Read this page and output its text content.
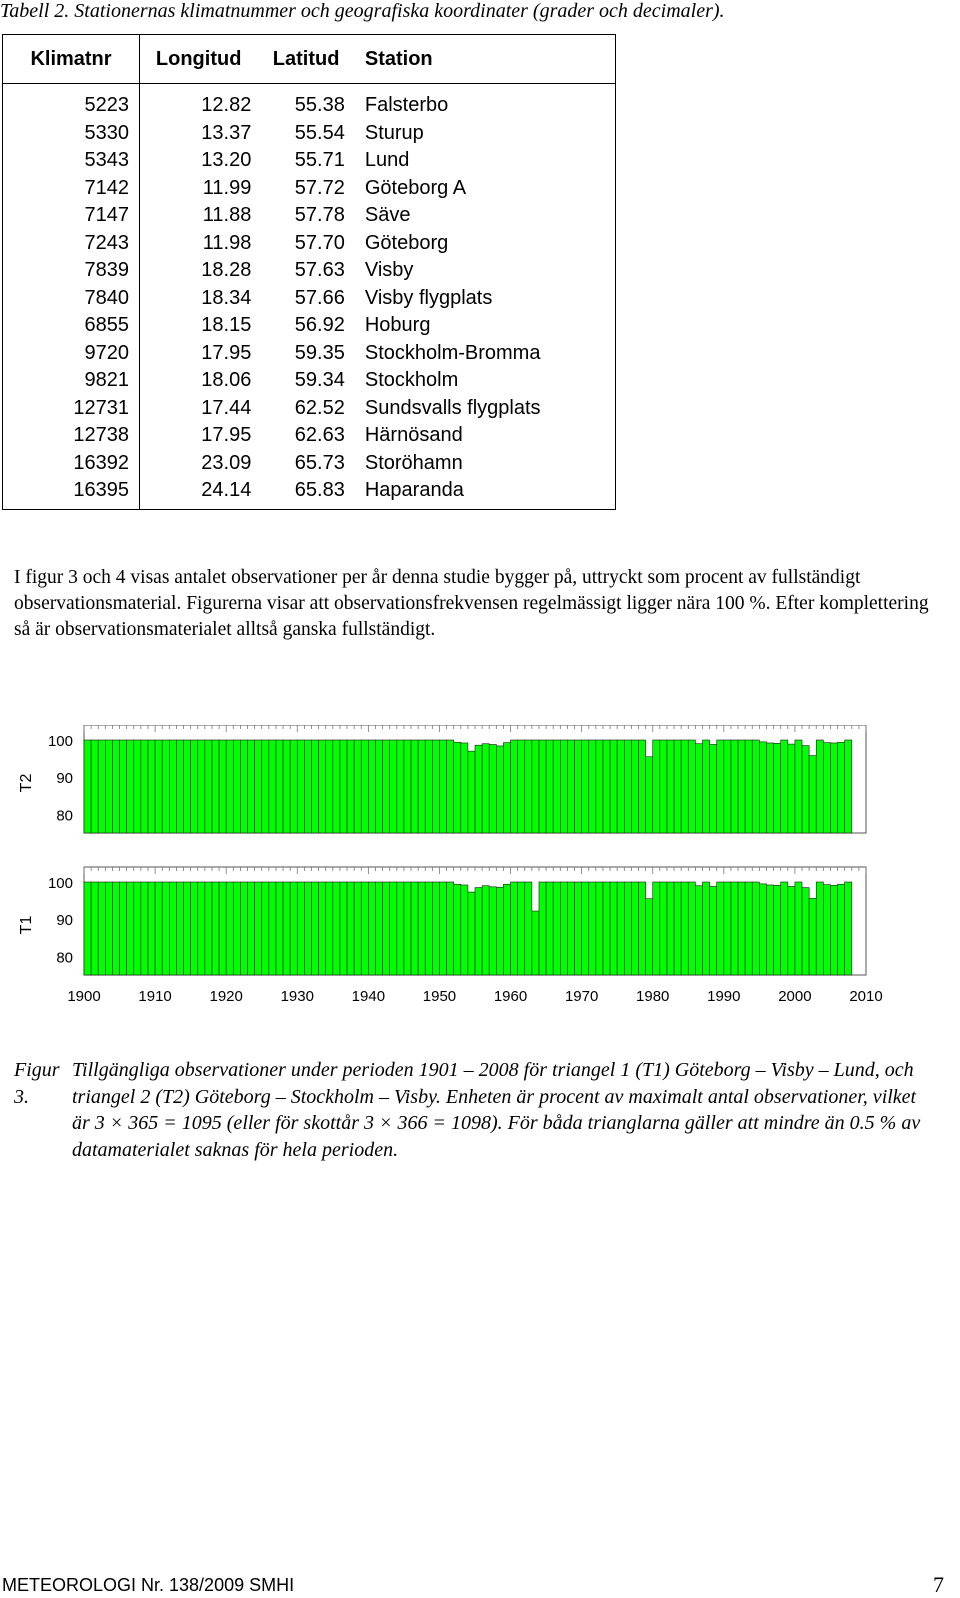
Tabell 2. Stationernas klimatnummer och geografiska koordinater (grader och decimaler).
Klimatnr	Longitud	Latitud	Station
5223	12.82	55.38	Falsterbo
5330	13.37	55.54	Sturup
5343	13.20	55.71	Lund
7142	11.99	57.72	Göteborg A
7147	11.88	57.78	Säve
7243	11.98	57.70	Göteborg
7839	18.28	57.63	Visby
7840	18.34	57.66	Visby flygplats
6855	18.15	56.92	Hoburg
9720	17.95	59.35	Stockholm-Bromma
9821	18.06	59.34	Stockholm
12731	17.44	62.52	Sundsvalls flygplats
12738	17.95	62.63	Härnösand
16392	23.09	65.73	Storöhamn
16395	24.14	65.83	Haparanda

I figur 3 och 4 visas antalet observationer per år denna studie bygger på, uttryckt som procent av fullständigt observationsmaterial. Figurerna visar att observationsfrekvensen regelmässigt ligger nära 100 %. Efter komplettering så är observationsmaterialet alltså ganska fullständigt.

100
90
80
T2
100
90
80
T1
1900	1910	1920	1930	1940	1950	1960	1970	1980	1990	2000	2010

Figur 3.Tillgängliga observationer under perioden 1901 – 2008 för triangel 1 (T1) Göteborg – Visby – Lund, och triangel 2 (T2) Göteborg – Stockholm – Visby. Enheten är procent av maximalt antal observationer, vilket är 3 × 365 = 1095 (eller för skottår 3 × 366 = 1098). För båda trianglarna gäller att mindre än 0.5 % av datamaterialet saknas för hela perioden.

METEOROLOGI Nr. 138/2009 SMHI	7
